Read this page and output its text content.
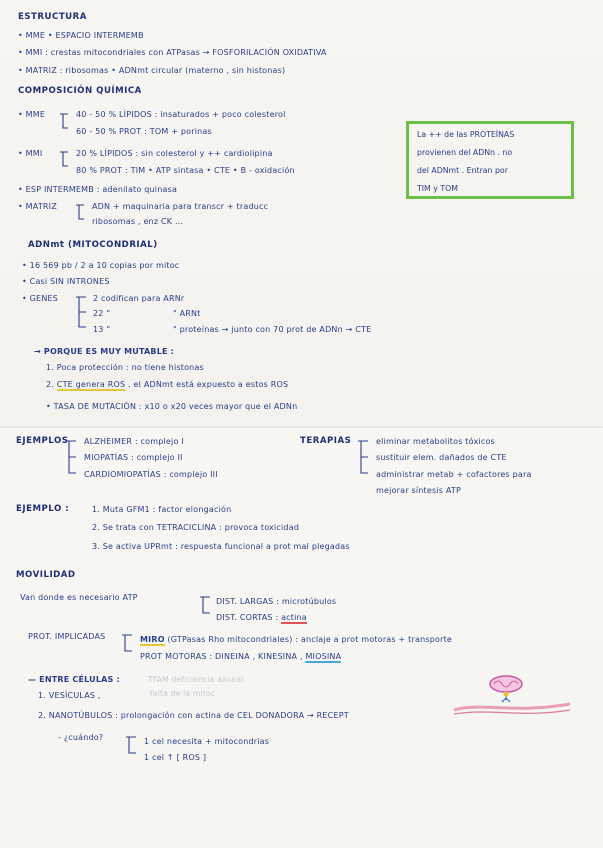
ESTRUCTURA
• MME • ESPACIO INTERMEMB
• MMI : crestas mitocondriales con ATPasas → FOSFORILACIÓN OXIDATIVA
• MATRIZ : ribosomas • ADNmt circular (materno , sin histonas)
COMPOSICIÓN QUÍMICA
• MME	40 - 50 % LÍPIDOS : insaturados + poco colesterol
60 - 50 % PROT : TOM + porinas
• MMI	20 % LÍPIDOS : sin colesterol y ++ cardiolipina
80 % PROT : TIM • ATP sintasa • CTE • B - oxidación
• ESP INTERMEMB : adenilato quinasa
• MATRIZ	ADN + maquinaria para transcr + traducc
ribosomas , enz CK ...
La ++ de las PROTEÍNAS
provienen del ADNn . no
del ADNmt . Entran por
TIM y TOM
ADNmt (MITOCONDRIAL)
• 16 569 pb / 2 a 10 copias por mitoc
• Casi SIN INTRONES
• GENES	2 codifican para ARNr
22 "	" ARNt
13 "	" proteínas → junto con 70 prot de ADNn → CTE
→ PORQUE ES MUY MUTABLE :
1. Poca protección : no tiene histonas
2. CTE genera ROS . el ADNmt está expuesto a estos ROS
• TASA DE MUTACIÓN : x10 o x20 veces mayor que el ADNn
EJEMPLOS ALZHEIMER : complejo I
MIOPATÍAS : complejo II
CARDIOMIOPATÍAS : complejo III
TERAPIAS	eliminar metabolitos tóxicos
sustituir elem. dañados de CTE
administrar metab + cofactores para
mejorar síntesis ATP
EJEMPLO :	1. Muta GFM1 : factor elongación
2. Se trata con TETRACICLINA : provoca toxicidad
3. Se activa UPRmt : respuesta funcional a prot mal plegadas
MOVILIDAD
Van donde es necesario ATP	DIST. LARGAS : microtúbulos
DIST. CORTAS : actina
PROT. IMPLICADAS	MIRO (GTPasas Rho mitocondriales) : anclaje a prot motoras + transporte
PROT MOTORAS : DINEINA , KINESINA , MIOSINA
— ENTRE CÉLULAS :	TFAM deficiencia axonal
falta de la mitoc
1. VESÍCULAS ,
2. NANOTÚBULOS : prolongación con actina de CEL DONADORA → RECEPT
- ¿cuándo?	1 cel necesita + mitocondrias
1 cel ↑ [ ROS ]
